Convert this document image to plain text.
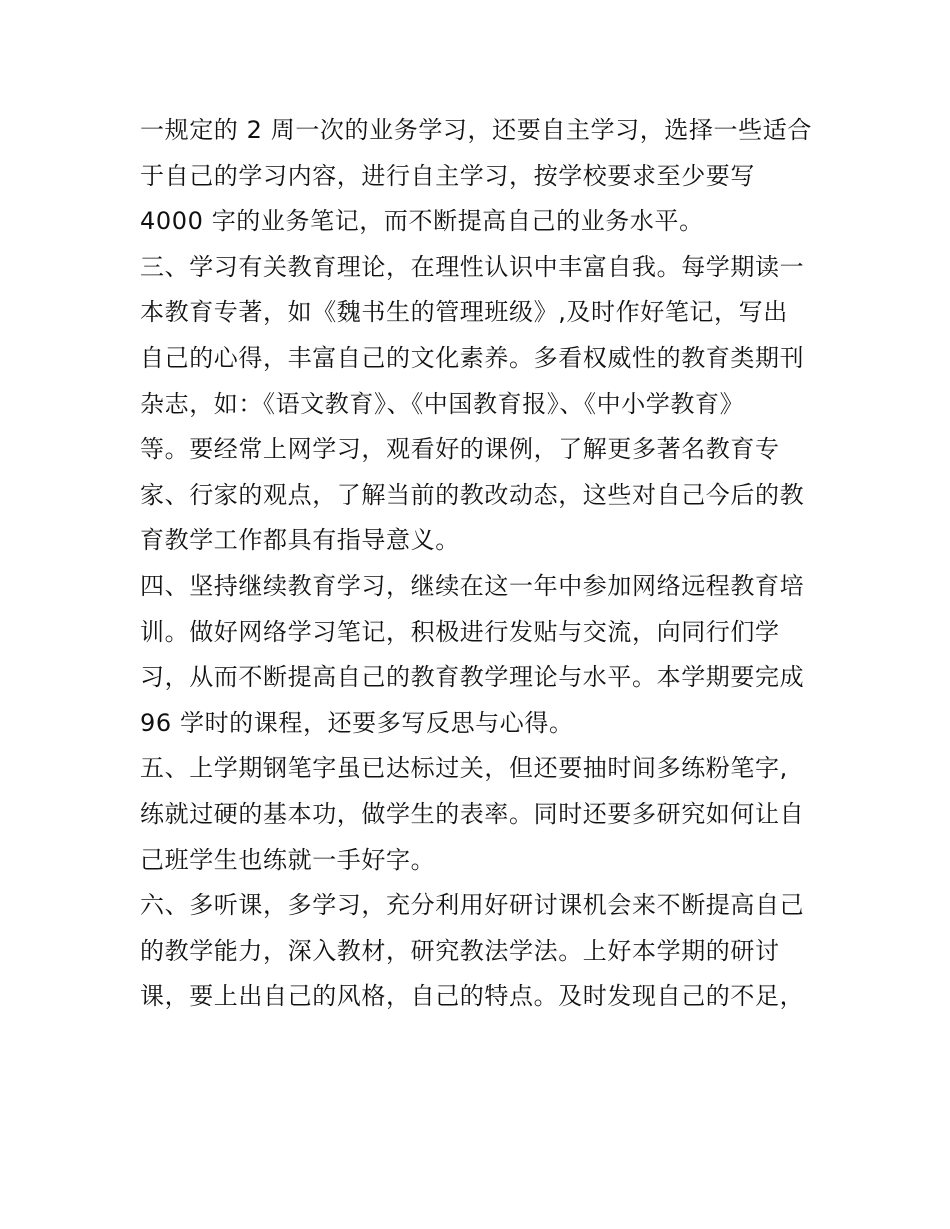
一规定的 2 周一次的业务学习，还要自主学习，选择一些适合
于自己的学习内容，进行自主学习，按学校要求至少要写
4000 字的业务笔记，而不断提高自己的业务水平。
三、学习有关教育理论，在理性认识中丰富自我。每学期读一
本教育专著，如《魏书生的管理班级》,及时作好笔记，写出
自己的心得，丰富自己的文化素养。多看权威性的教育类期刊
杂志，如：《语文教育》、《中国教育报》、《中小学教育》
等。要经常上网学习，观看好的课例，了解更多著名教育专
家、行家的观点，了解当前的教改动态，这些对自己今后的教
育教学工作都具有指导意义。
四、坚持继续教育学习，继续在这一年中参加网络远程教育培
训。做好网络学习笔记，积极进行发贴与交流，向同行们学
习，从而不断提高自己的教育教学理论与水平。本学期要完成
96 学时的课程，还要多写反思与心得。
五、上学期钢笔字虽已达标过关，但还要抽时间多练粉笔字,
练就过硬的基本功，做学生的表率。同时还要多研究如何让自
己班学生也练就一手好字。
六、多听课，多学习，充分利用好研讨课机会来不断提高自己
的教学能力，深入教材，研究教法学法。上好本学期的研讨
课，要上出自己的风格，自己的特点。及时发现自己的不足，
